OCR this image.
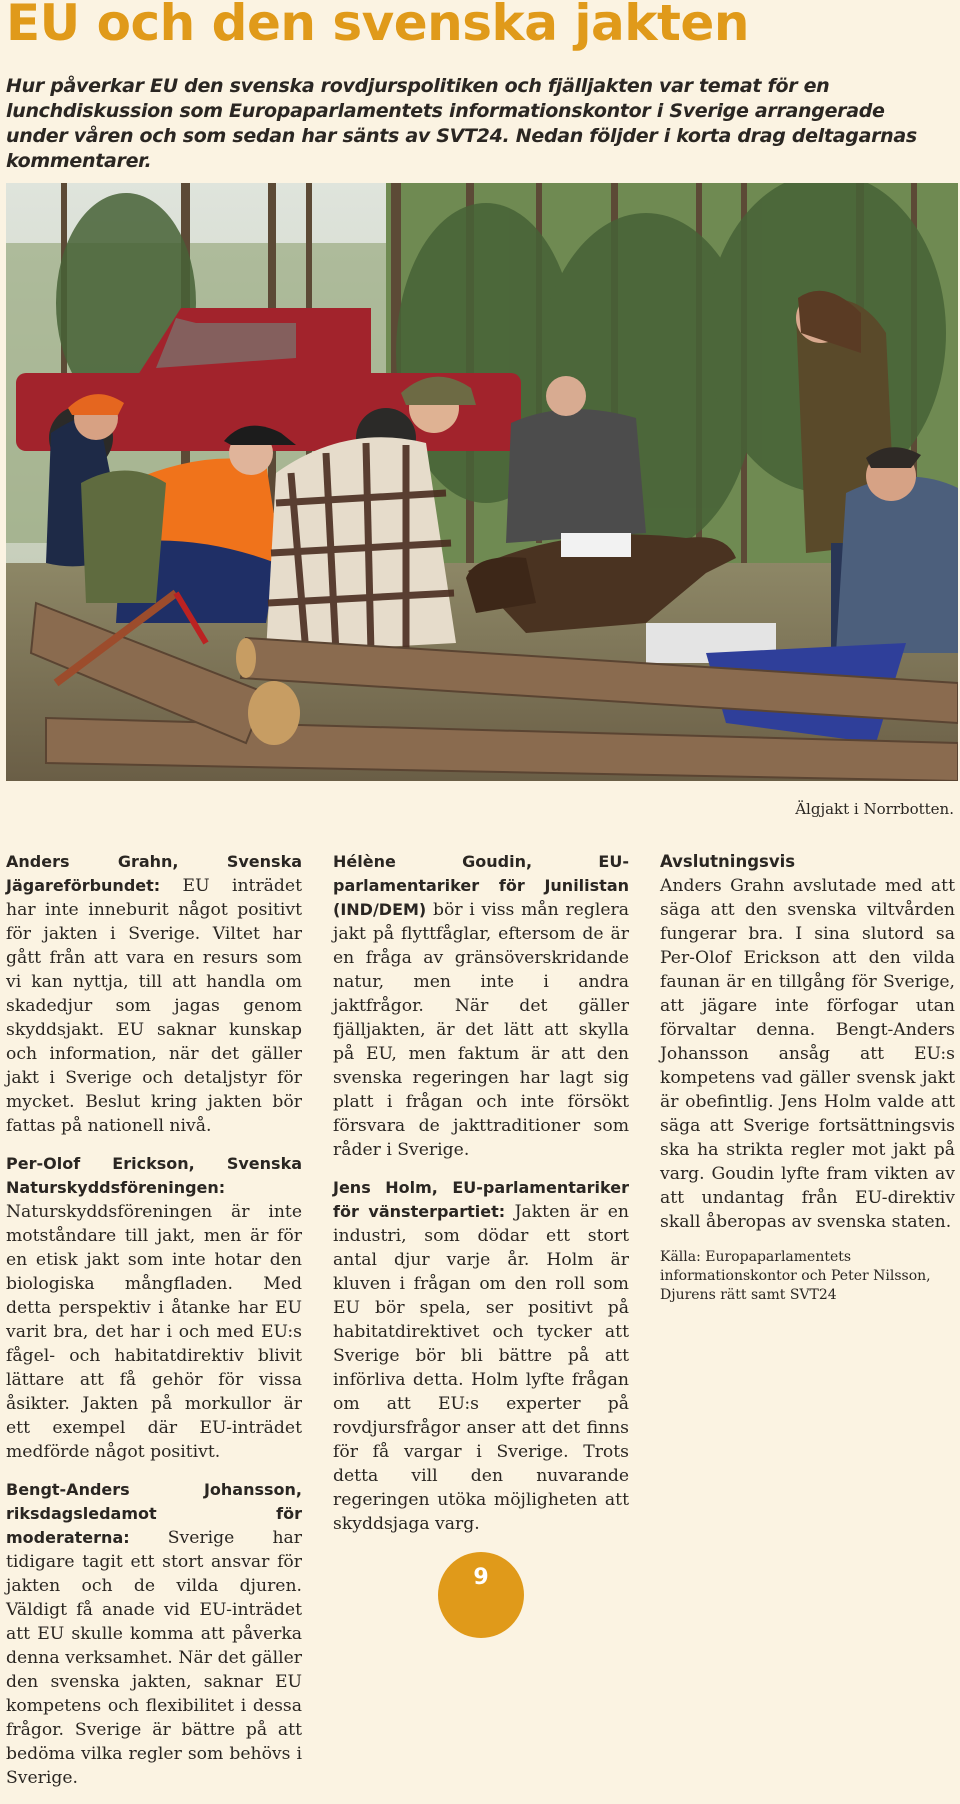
EU och den svenska jakten

Hur påverkar EU den svenska rovdjurspolitiken och fjälljakten var temat för en lunchdiskussion som Europaparlamentets informationskontor i Sverige arrangerade under våren och som sedan har sänts av SVT24. Nedan följder i korta drag deltagarnas kommentarer.

Älgjakt i Norrbotten.

Anders Grahn, Svenska Jägareförbundet: EU inträdet har inte inneburit något positivt för jakten i Sverige. Viltet har gått från att vara en resurs som vi kan nyttja, till att handla om skadedjur som jagas genom skyddsjakt. EU saknar kunskap och information, när det gäller jakt i Sverige och detaljstyr för mycket. Beslut kring jakten bör fattas på nationell nivå.

Per-Olof Erickson, Svenska Naturskyddsföreningen: Naturskyddsföreningen är inte motståndare till jakt, men är för en etisk jakt som inte hotar den biologiska mångfladen. Med detta perspektiv i åtanke har EU varit bra, det har i och med EU:s fågel- och habitatdirektiv blivit lättare att få gehör för vissa åsikter. Jakten på morkullor är ett exempel där EU-inträdet medförde något positivt.

Bengt-Anders Johansson, riksdagsledamot för moderaterna: Sverige har tidigare tagit ett stort ansvar för jakten och de vilda djuren. Väldigt få anade vid EU-inträdet att EU skulle komma att påverka denna verksamhet. När det gäller den svenska jakten, saknar EU kompetens och flexibilitet i dessa frågor. Sverige är bättre på att bedöma vilka regler som behövs i Sverige.

Hélène Goudin, EU-parlamentariker för Junilistan (IND/DEM) bör i viss mån reglera jakt på flyttfåglar, eftersom de är en fråga av gränsöverskridande natur, men inte i andra jaktfrågor. När det gäller fjälljakten, är det lätt att skylla på EU, men faktum är att den svenska regeringen har lagt sig platt i frågan och inte försökt försvara de jakttraditioner som råder i Sverige.

Jens Holm, EU-parlamentariker för vänsterpartiet: Jakten är en industri, som dödar ett stort antal djur varje år. Holm är kluven i frågan om den roll som EU bör spela, ser positivt på habitatdirektivet och tycker att Sverige bör bli bättre på att införliva detta. Holm lyfte frågan om att EU:s experter på rovdjursfrågor anser att det finns för få vargar i Sverige. Trots detta vill den nuvarande regeringen utöka möjligheten att skyddsjaga varg.

Avslutningsvis
Anders Grahn avslutade med att säga att den svenska viltvården fungerar bra. I sina slutord sa Per-Olof Erickson att den vilda faunan är en tillgång för Sverige, att jägare inte förfogar utan förvaltar denna. Bengt-Anders Johansson ansåg att EU:s kompetens vad gäller svensk jakt är obefintlig. Jens Holm valde att säga att Sverige fortsättningsvis ska ha strikta regler mot jakt på varg. Goudin lyfte fram vikten av att undantag från EU-direktiv skall åberopas av svenska staten.

Källa: Europaparlamentets informationskontor och Peter Nilsson, Djurens rätt samt SVT24

9
